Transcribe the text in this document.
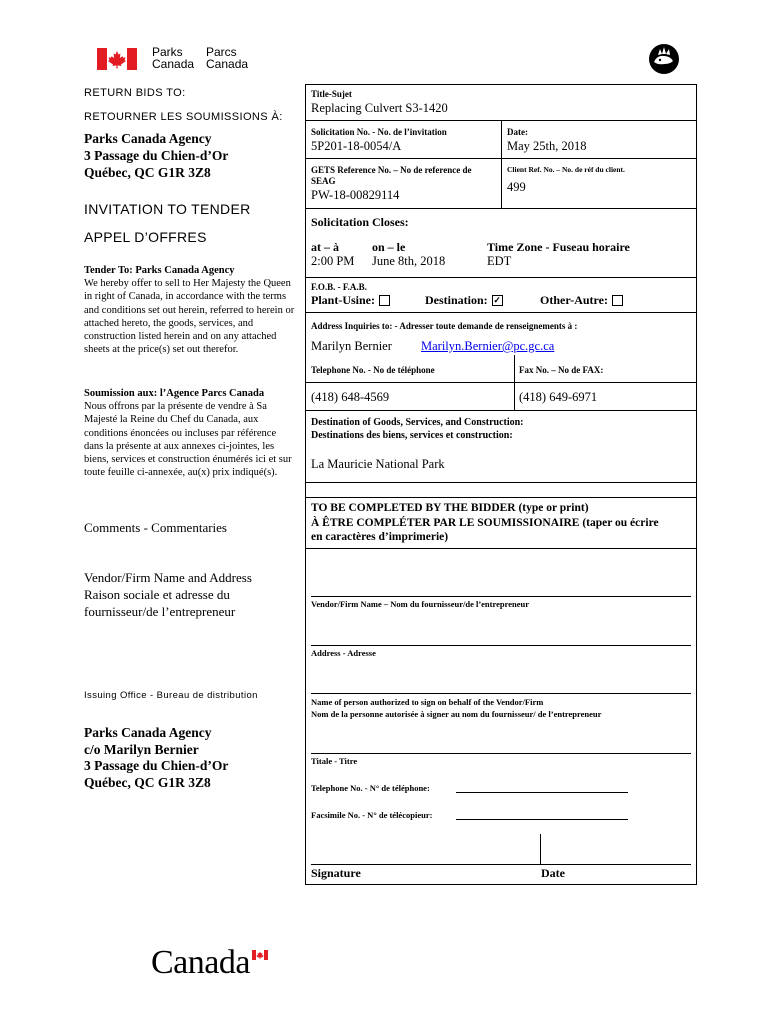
Parks
Canada
Parcs
Canada
RETURN BIDS TO:
RETOURNER LES SOUMISSIONS À:
Parks Canada Agency
3 Passage du Chien-d’Or
Québec, QC G1R 3Z8
INVITATION TO TENDER
APPEL D’OFFRES
Tender To: Parks Canada Agency
We hereby offer to sell to Her Majesty the Queen in right of Canada, in accordance with the terms and conditions set out herein, referred to herein or attached hereto, the goods, services, and construction listed herein and on any attached sheets at the price(s) set out therefor.
Soumission aux: l’Agence Parcs Canada
Nous offrons par la présente de vendre à Sa Majesté la Reine du Chef du Canada, aux conditions énoncées ou incluses par référence dans la présente at aux annexes ci-jointes, les biens, services et construction énumérés ici et sur toute feuille ci-annexée, au(x) prix indiqué(s).
Comments - Commentaries
Vendor/Firm Name and Address
Raison sociale et adresse du
fournisseur/de l’entrepreneur
Issuing Office - Bureau de distribution
Parks Canada Agency
c/o Marilyn Bernier
3 Passage du Chien-d’Or
Québec, QC G1R 3Z8
Title-Sujet
Replacing Culvert S3-1420
Solicitation No. - No. de l’invitation
5P201-18-0054/A
Date:
May 25th, 2018
GETS Reference No. – No de reference de SEAG
PW-18-00829114
Client Ref. No. – No. de réf du client.
499
Solicitation Closes:
at – à
2:00 PM
on – le
June 8th, 2018
Time Zone - Fuseau horaire
EDT
F.O.B. - F.A.B.
Plant-Usine:	Destination: ✓	Other-Autre:
Address Inquiries to: - Adresser toute demande de renseignements à :
Marilyn Bernier Marilyn.Bernier@pc.gc.ca
Telephone No. - No de téléphone	Fax No. – No de FAX:
(418) 648-4569	(418) 649-6971
Destination of Goods, Services, and Construction:
Destinations des biens, services et construction:
La Mauricie National Park
TO BE COMPLETED BY THE BIDDER (type or print)
À ÊTRE COMPLÉTER PAR LE SOUMISSIONAIRE (taper ou écrire
en caractères d’imprimerie)
Vendor/Firm Name – Nom du fournisseur/de l’entrepreneur
Address - Adresse
Name of person authorized to sign on behalf of the Vendor/Firm
Nom de la personne autorisée à signer au nom du fournisseur/ de l’entrepreneur
Titale - Titre
Telephone No. - N° de téléphone:
Facsimile No. - N° de télécopieur:
Signature	Date
Canada
